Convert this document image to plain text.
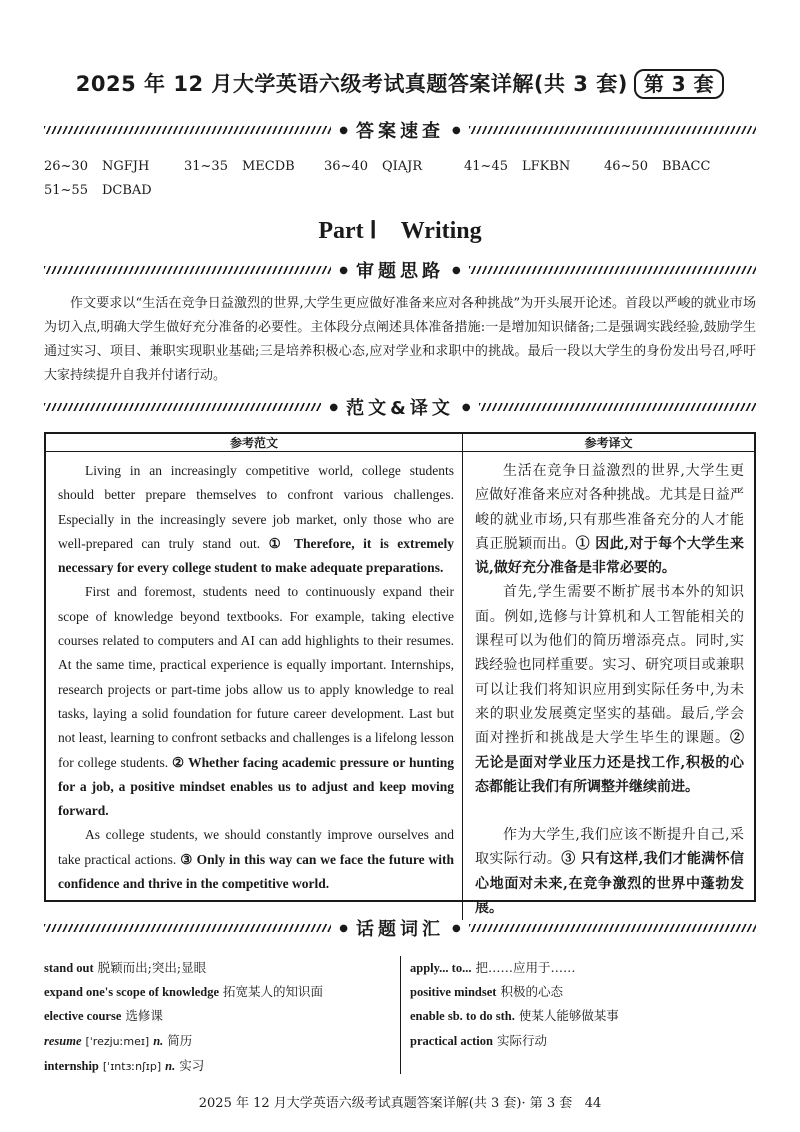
2025 年 12 月大学英语六级考试真题答案详解(共 3 套) 第 3 套
● 答案速查 ●
26~30 NGFJH	31~35 MECDB	36~40 QIAJR	41~45 LFKBN	46~50 BBACC
51~55 DCBAD
Part Ⅰ　Writing
● 审题思路 ●

作文要求以“生活在竞争日益激烈的世界,大学生更应做好准备来应对各种挑战”为开头展开论述。首段以严峻的就业市场为切入点,明确大学生做好充分准备的必要性。主体段分点阐述具体准备措施:一是增加知识储备;二是强调实践经验,鼓励学生通过实习、项目、兼职实现职业基础;三是培养积极心态,应对学业和求职中的挑战。最后一段以大学生的身份发出号召,呼吁大家持续提升自我并付诸行动。

● 范文&译文 ●
参考范文	参考译文

Living in an increasingly competitive world, college students should better prepare themselves to confront various challenges. Especially in the increasingly severe job market, only those who are well-prepared can truly stand out. ① Therefore, it is extremely necessary for every college student to make adequate preparations.

First and foremost, students need to continuously expand their scope of knowledge beyond textbooks. For example, taking elective courses related to computers and AI can add highlights to their resumes. At the same time, practical experience is equally important. Internships, research projects or part-time jobs allow us to apply knowledge to real tasks, laying a solid foundation for future career development. Last but not least, learning to confront setbacks and challenges is a lifelong lesson for college students. ② Whether facing academic pressure or hunting for a job, a positive mindset enables us to adjust and keep moving forward.

As college students, we should constantly improve ourselves and take practical actions. ③ Only in this way can we face the future with confidence and thrive in the competitive world.

生活在竞争日益激烈的世界,大学生更应做好准备来应对各种挑战。尤其是日益严峻的就业市场,只有那些准备充分的人才能真正脱颖而出。① 因此,对于每个大学生来说,做好充分准备是非常必要的。

首先,学生需要不断扩展书本外的知识面。例如,选修与计算机和人工智能相关的课程可以为他们的简历增添亮点。同时,实践经验也同样重要。实习、研究项目或兼职可以让我们将知识应用到实际任务中,为未来的职业发展奠定坚实的基础。最后,学会面对挫折和挑战是大学生毕生的课题。② 无论是面对学业压力还是找工作,积极的心态都能让我们有所调整并继续前进。

作为大学生,我们应该不断提升自己,采取实际行动。③ 只有这样,我们才能满怀信心地面对未来,在竞争激烈的世界中蓬勃发展。

● 话题词汇 ●
stand out 脱颖而出;突出;显眼
expand one's scope of knowledge 拓宽某人的知识面
elective course 选修课
resume [ˈrezjuːmeɪ] n. 简历
internship [ˈɪntɜːnʃɪp] n. 实习
apply... to... 把……应用于……
positive mindset 积极的心态
enable sb. to do sth. 使某人能够做某事
practical action 实际行动
2025 年 12 月大学英语六级考试真题答案详解(共 3 套)· 第 3 套 44
